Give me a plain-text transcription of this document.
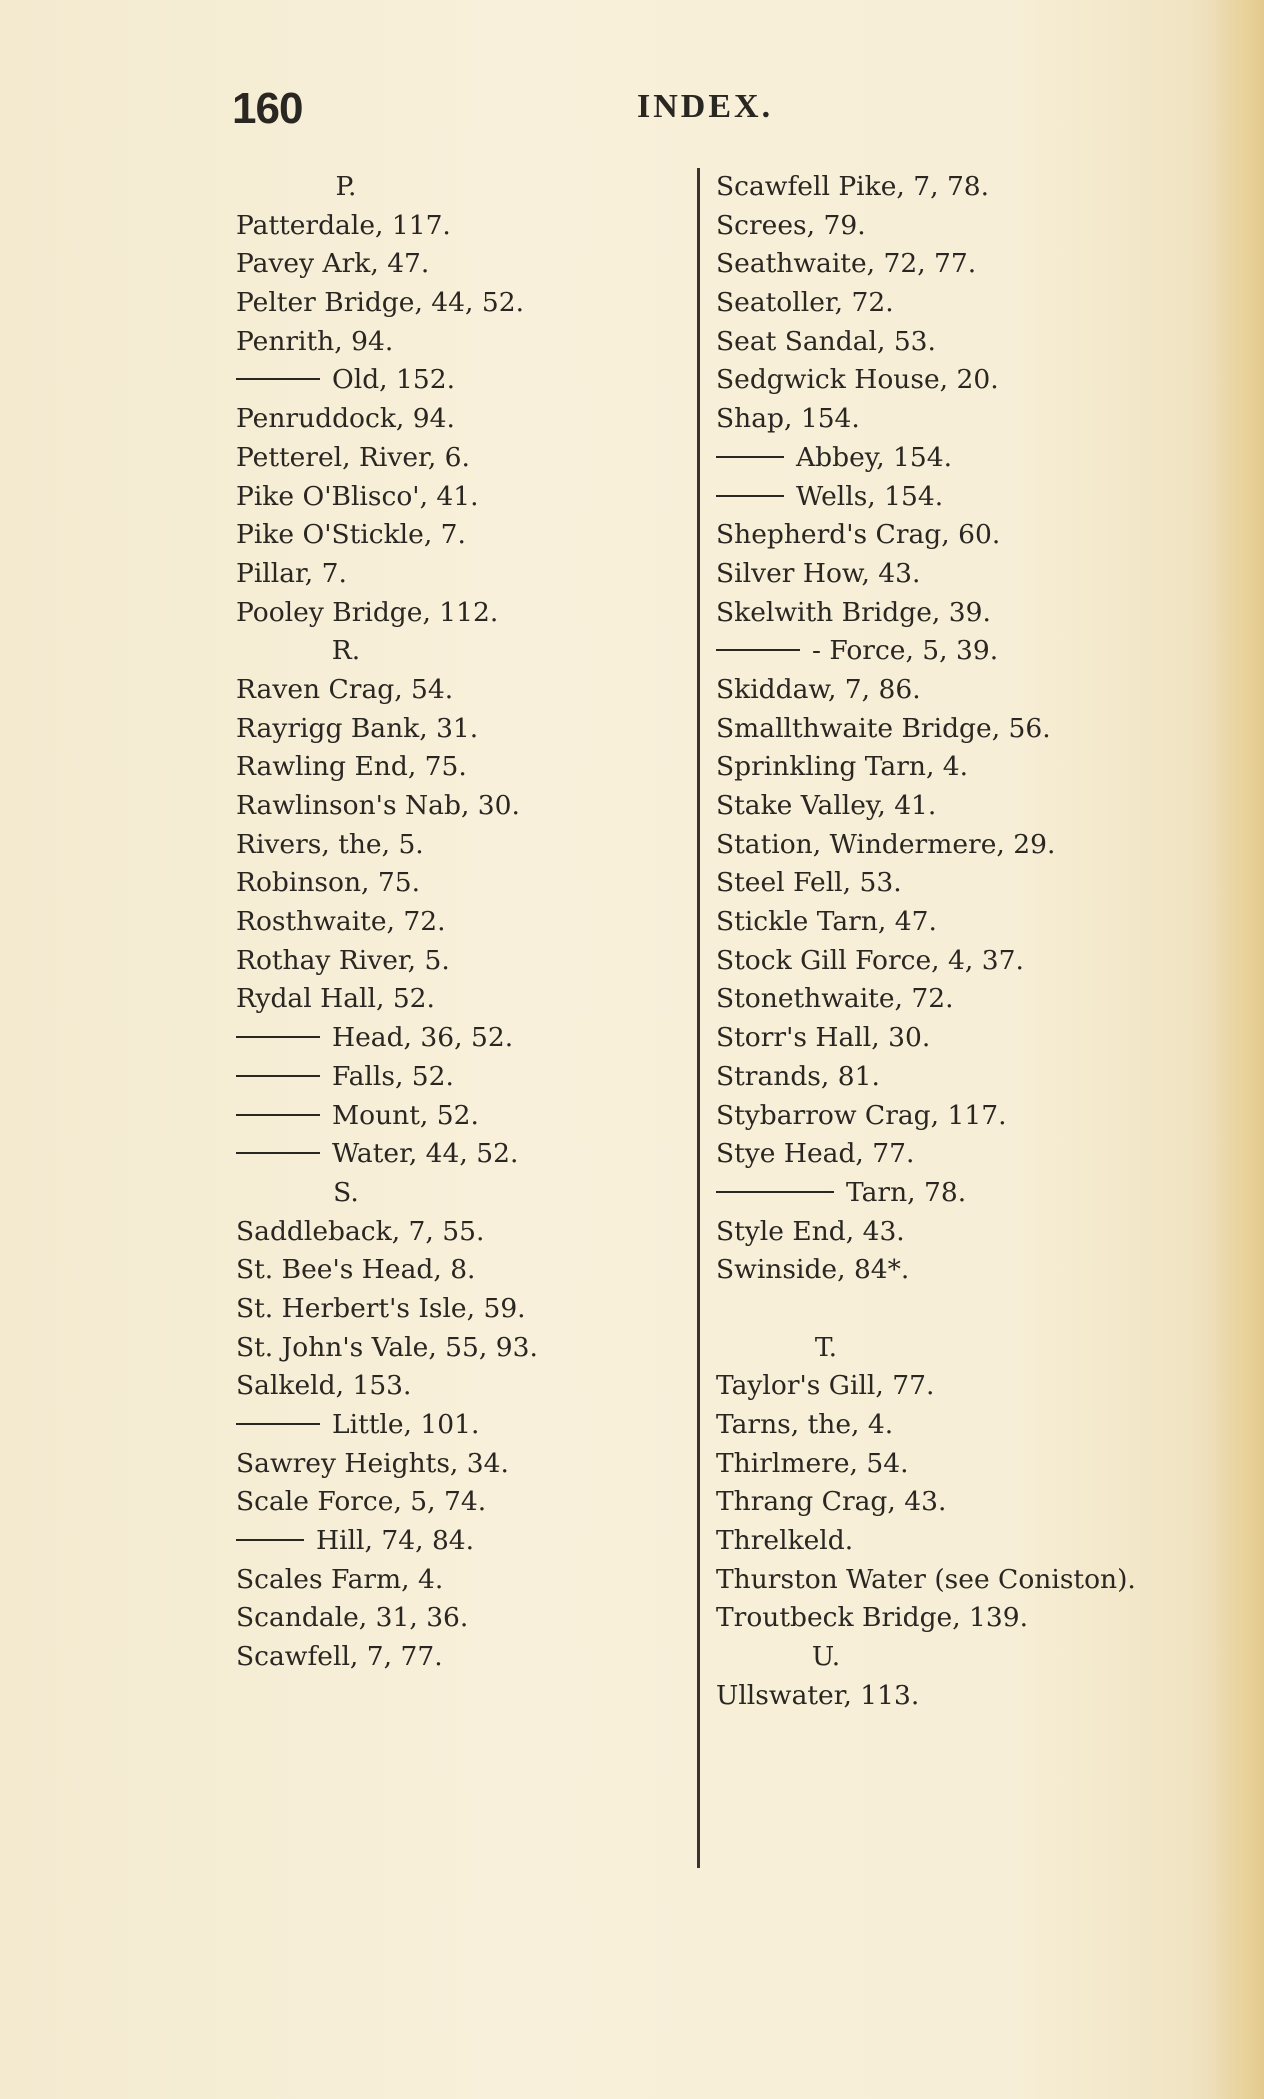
160	INDEX.
P.
Patterdale, 117.
Pavey Ark, 47.
Pelter Bridge, 44, 52.
Penrith, 94.
Old, 152.
Penruddock, 94.
Petterel, River, 6.
Pike O'Blisco', 41.
Pike O'Stickle, 7.
Pillar, 7.
Pooley Bridge, 112.
R.
Raven Crag, 54.
Rayrigg Bank, 31.
Rawling End, 75.
Rawlinson's Nab, 30.
Rivers, the, 5.
Robinson, 75.
Rosthwaite, 72.
Rothay River, 5.
Rydal Hall, 52.
Head, 36, 52.
Falls, 52.
Mount, 52.
Water, 44, 52.
S.
Saddleback, 7, 55.
St. Bee's Head, 8.
St. Herbert's Isle, 59.
St. John's Vale, 55, 93.
Salkeld, 153.
Little, 101.
Sawrey Heights, 34.
Scale Force, 5, 74.
Hill, 74, 84.
Scales Farm, 4.
Scandale, 31, 36.
Scawfell, 7, 77.
Scawfell Pike, 7, 78.
Screes, 79.
Seathwaite, 72, 77.
Seatoller, 72.
Seat Sandal, 53.
Sedgwick House, 20.
Shap, 154.
Abbey, 154.
Wells, 154.
Shepherd's Crag, 60.
Silver How, 43.
Skelwith Bridge, 39.
- Force, 5, 39.
Skiddaw, 7, 86.
Smallthwaite Bridge, 56.
Sprinkling Tarn, 4.
Stake Valley, 41.
Station, Windermere, 29.
Steel Fell, 53.
Stickle Tarn, 47.
Stock Gill Force, 4, 37.
Stonethwaite, 72.
Storr's Hall, 30.
Strands, 81.
Stybarrow Crag, 117.
Stye Head, 77.
Tarn, 78.
Style End, 43.
Swinside, 84*.
T.
Taylor's Gill, 77.
Tarns, the, 4.
Thirlmere, 54.
Thrang Crag, 43.
Threlkeld.
Thurston Water (see Coniston).
Troutbeck Bridge, 139.
U.
Ullswater, 113.
